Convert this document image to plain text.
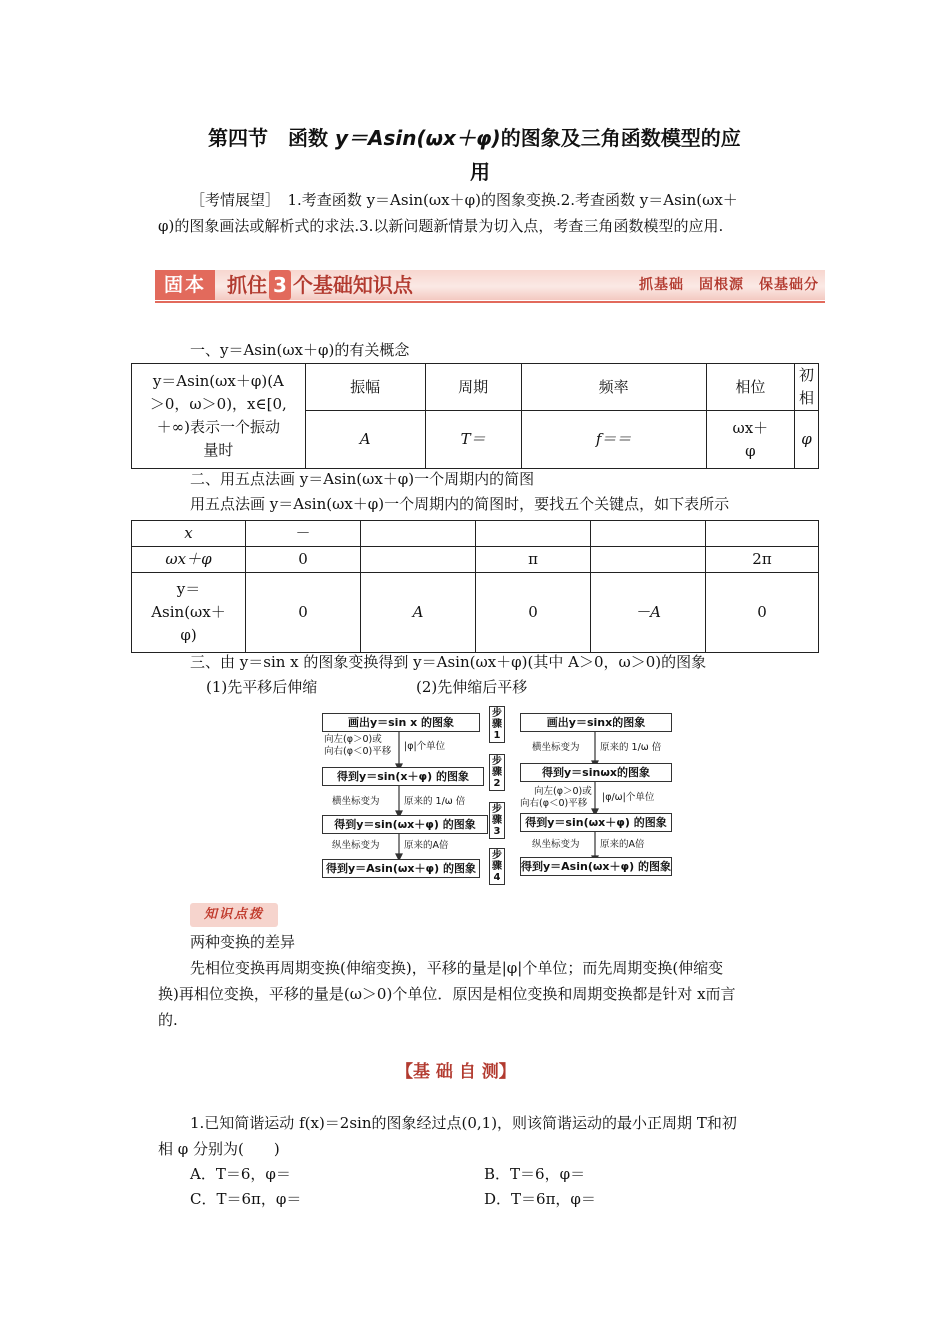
第四节　函数 y＝Asin(ωx＋φ)的图象及三角函数模型的应
用
［考情展望］　1.考查函数 y＝Asin(ωx＋φ)的图象变换.2.考查函数 y＝Asin(ωx＋
φ)的图象画法或解析式的求法.3.以新问题新情景为切入点，考查三角函数模型的应用.
固本	抓住 3 个基础知识点	抓基础　固根源　保基础分
一、y＝Asin(ωx＋φ)的有关概念
y＝Asin(ωx＋φ)(A
＞0，ω＞0)，x∈[0,
＋∞)表示一个振动
量时	振幅	周期	频率	相位	初相
	A	T＝	f＝＝	ωx＋
φ	φ
二、用五点法画 y＝Asin(ωx＋φ)一个周期内的简图
用五点法画 y＝Asin(ωx＋φ)一个周期内的简图时，要找五个关键点，如下表所示
x	－				
ωx＋φ	0		π		2π

y＝
Asin(ωx＋
φ)	0	A	0	－A	0
三、由 y＝sin x 的图象变换得到 y＝Asin(ωx＋φ)(其中 A＞0，ω＞0)的图象
(1)先平移后伸缩	(2)先伸缩后平移
画出y＝sin x 的图象
得到y＝sin(x＋φ) 的图象
得到y＝sin(ωx＋φ) 的图象
得到y＝Asin(ωx＋φ) 的图象
向左(φ＞0)或
向右(φ＜0)平移 |φ|个单位
横坐标变为	原来的 1/ω 倍
纵坐标变为	原来的A倍
步骤1
步骤2
步骤3
步骤4
画出y＝sinx的图象
得到y＝sinωx的图象
得到y＝sin(ωx＋φ) 的图象
得到y＝Asin(ωx＋φ) 的图象
横坐标变为 原来的 1/ω 倍
向左(φ＞0)或
向右(φ＜0)平移
|φ/ω|个单位
纵坐标变为 原来的A倍
知识点拨
两种变换的差异
先相位变换再周期变换(伸缩变换)，平移的量是|φ|个单位；而先周期变换(伸缩变
换)再相位变换，平移的量是(ω＞0)个单位．原因是相位变换和周期变换都是针对 x而言
的.
【基 础 自 测】
1.已知简谐运动 f(x)＝2sin的图象经过点(0,1)，则该简谐运动的最小正周期 T和初
相 φ 分别为(　　)
A．T＝6，φ＝	B．T＝6，φ＝
C．T＝6π，φ＝	D．T＝6π，φ＝
